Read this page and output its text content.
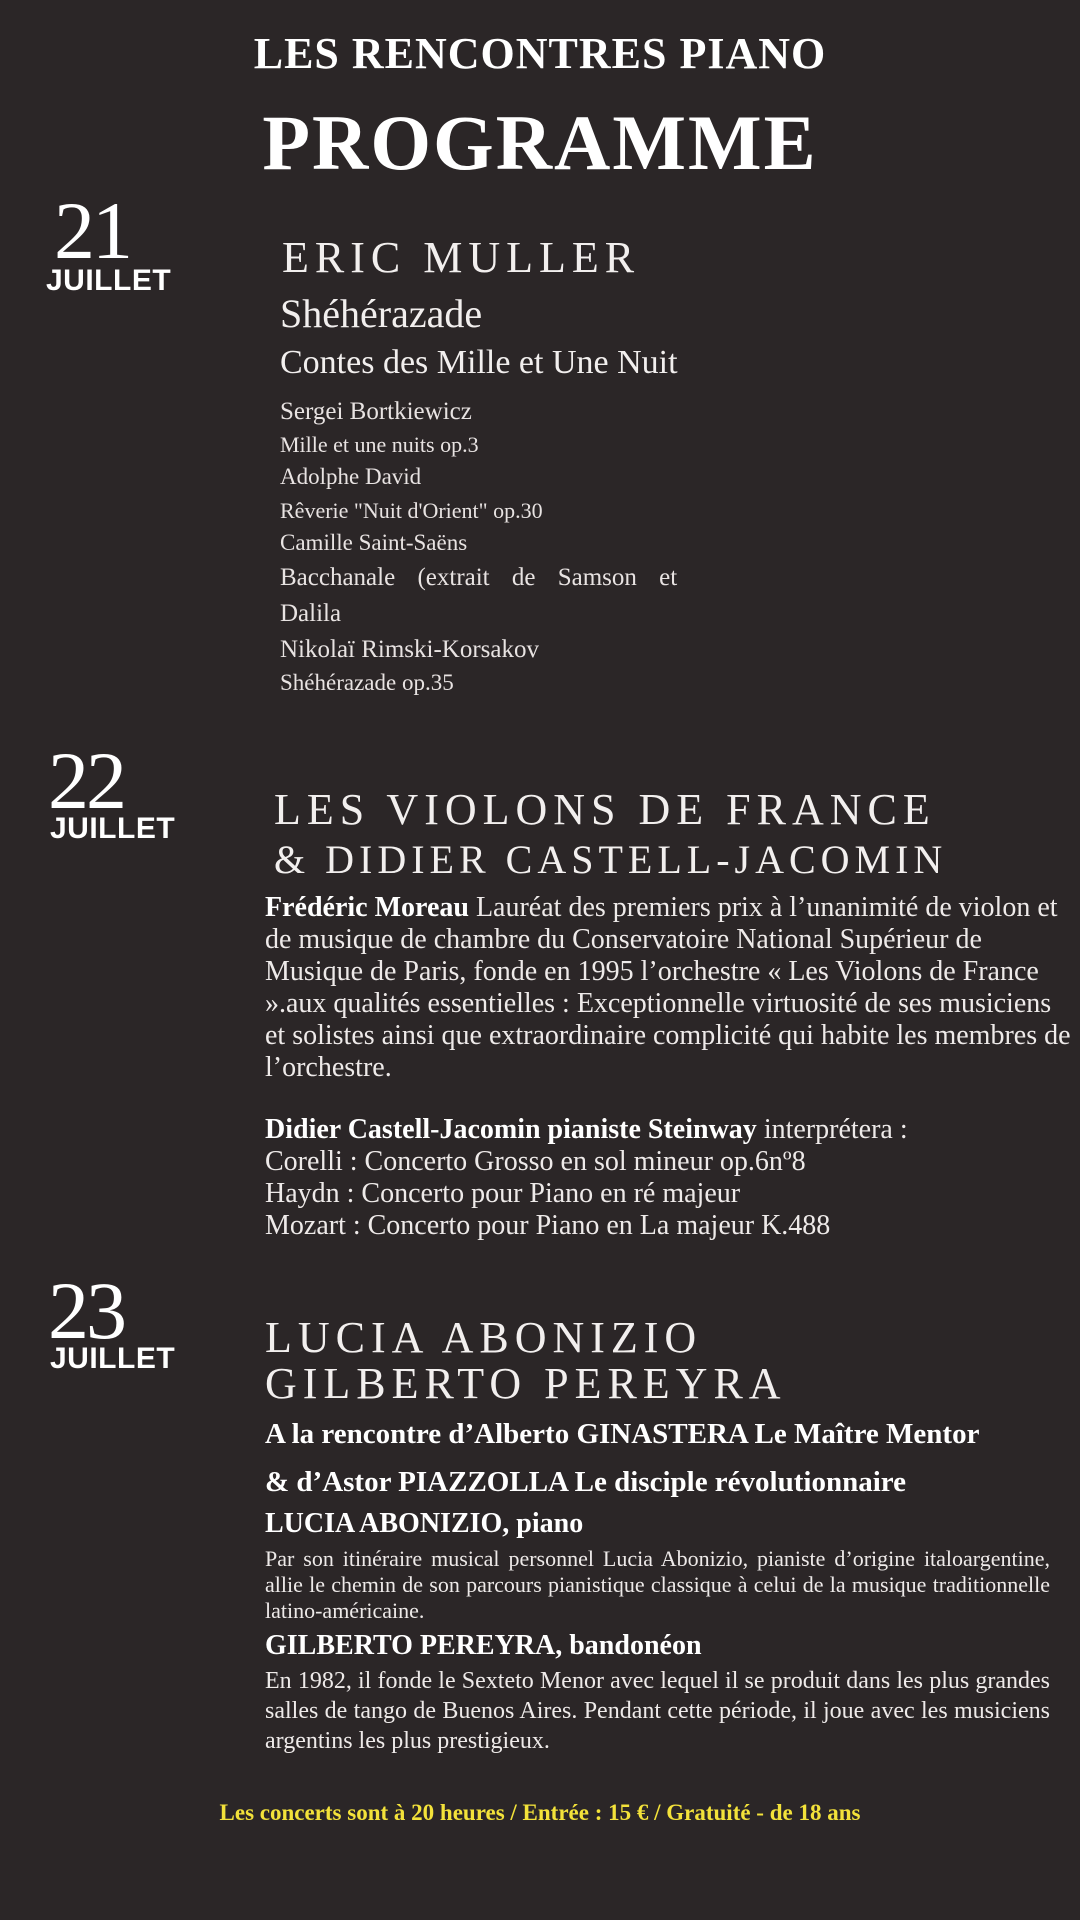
LES RENCONTRES PIANO
PROGRAMME
21
JUILLET	ERIC MULLER
Shéhérazade
Contes des Mille et Une Nuit
Sergei Bortkiewicz
Mille et une nuits op.3
Adolphe David
Rêverie "Nuit d'Orient" op.30
Camille Saint-Saëns
Bacchanale (extrait de Samson et
Dalila
Nikolaï Rimski-Korsakov
Shéhérazade op.35
22
JUILLET LES VIOLONS DE FRANCE
& DIDIER CASTELL-JACOMIN
Frédéric Moreau Lauréat des premiers prix à l’unanimité de violon et de musique de chambre du Conservatoire National Supérieur de Musique de Paris, fonde en 1995 l’orchestre « Les Violons de France ».aux qualités essentielles : Exceptionnelle virtuosité de ses musiciens et solistes ainsi que extraordinaire complicité qui habite les membres de l’orchestre.
Didier Castell-Jacomin pianiste Steinway interprétera :
Corelli : Concerto Grosso en sol mineur op.6nº8
Haydn : Concerto pour Piano en ré majeur
Mozart : Concerto pour Piano en La majeur K.488
23
JUILLET LUCIA ABONIZIO
GILBERTO PEREYRA
A la rencontre d’Alberto GINASTERA Le Maître Mentor
& d’Astor PIAZZOLLA Le disciple révolutionnaire
LUCIA ABONIZIO, piano
Par son itinéraire musical personnel Lucia Abonizio, pianiste d’origine italoargentine, allie le chemin de son parcours pianistique classique à celui de la musique traditionnelle latino-américaine.
GILBERTO PEREYRA, bandonéon
En 1982, il fonde le Sexteto Menor avec lequel il se produit dans les plus grandes salles de tango de Buenos Aires. Pendant cette période, il joue avec les musiciens argentins les plus prestigieux.
Les concerts sont à 20 heures / Entrée : 15 € / Gratuité - de 18 ans
